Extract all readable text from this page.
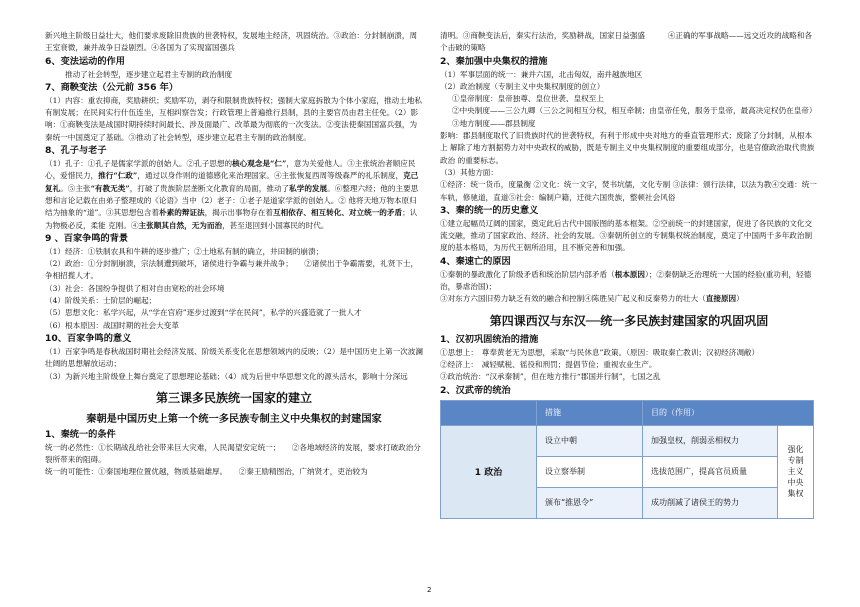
新兴地主阶级日益壮大，他们要求废除旧贵族的世袭特权，发展地主经济，巩固统治。③政治：分封制崩溃，周王室衰微，兼并战争日益剧烈。④各国为了实现富国强兵

6、变法运动的作用

推动了社会转型，逐步建立起君主专制的政治制度

7、商鞅变法（公元前 356 年）

（1）内容：重农抑商，奖励耕织；奖励军功，剥夺和限制贵族特权；强制大家庭拆散为个体小家庭，推动土地私 有制发展；在民间实行什伍连坐，互相纠察告发；行政管理上普遍推行县制，县的主要官员由君主任免。（2）影响：①商鞅变法是战国时期持续时间最长、涉及面最广、改革最为彻底的一次变法。②变法使秦国国富兵强，为秦统一中国奠定了基础。③推动了社会转型，逐步建立起君主专制的政治制度。

8、孔子与老子

（1）孔子：①孔子是儒家学派的创始人。②孔子思想的核心观念是“仁”，意为关爱他人。③主张统治者顺应民心，爱惜民力，推行“仁政”，通过以身作则的道德感化来治理国家。④主张恢复西周等级森严的礼乐制度，克己复礼。⑤主张“有教无类”，打破了贵族阶层垄断文化教育的局面，推动了私学的发展。⑥整理六经；他的主要思想和言论记载在由弟子整理成的《论语》当中（2）老子：①老子是道家学派的创始人。② 他将天地万物本原归结为抽象的“道”。③其思想包含着朴素的辩证法，揭示出事物存在着互相依存、相互转化、对立统一的矛盾；认为物极必反，柔能 克刚。④主张顺其自然，无为而治，甚至退回到小国寡民的时代。

9 、百家争鸣的背景

（1）经济：①铁制农具和牛耕的逐步推广；②土地私有制的确立，井田制的崩溃；

（2）政治：①分封制崩溃，宗法制遭到破坏，诸侯进行争霸与兼并战争；　　②诸侯出于争霸需要，礼贤下士，争相招揽人才。

（3）社会：各国纷争提供了相对自由宽松的社会环境

（4）阶级关系：士阶层的崛起；

（5）思想文化：私学兴起，从“学在官府”逐步过渡到“学在民间”，私学的兴盛造就了一批人才

（6）根本原因：战国时期的社会大变革

10、百家争鸣的意义

（1）百家争鸣是春秋战国时期社会经济发展、阶级关系变化在思想领域内的反映；（2）是中国历史上第一次波澜壮阔的思想解放运动；

（3）为新兴地主阶级登上舞台奠定了思想理论基础；（4）成为后世中华思想文化的源头活水，影响十分深远

第三课多民族统一国家的建立

秦朝是中国历史上第一个统一多民族专制主义中央集权的封建国家

1、秦统一的条件

统一的必然性：①长期战乱给社会带来巨大灾难，人民渴望安定统一；　　②各地域经济的发展，要求打破政治分裂所带来的阻碍。

统一的可能性：①秦国地理位置优越，物质基础雄厚。　　②秦王励精图治，广纳贤才，吏治较为

清明。③商鞅变法后，秦实行法治，奖励耕战，国家日益强盛　　　④正确的军事战略——远交近攻的战略和各个击破的策略

2、秦加强中央集权的措施

（1）军事层面的统一：兼并六国，北击匈奴，南并越族地区

（2）政治制度（专制主义中央集权制度的创立）

①皇帝制度：皇帝独尊、皇位世袭、皇权至上

②中央制度——三公九卿（三公之间相互分权，相互牵制；由皇帝任免，服务于皇帝，最高决定权仍在皇帝）③地方制度——郡县制度

影响：郡县制度取代了旧贵族时代的世袭特权，有利于形成中央对地方的垂直管理形式；废除了分封制，从根本上 解除了地方割据势力对中央政权的威胁，既是专制主义中央集权制度的重要组成部分，也是官僚政治取代贵族政治 的重要标志。

（3）其他方面：

①经济：统一货币，度量衡 ②文化：统一文字，焚书坑儒，文化专制 ③法律：颁行法律，以法为教④交通：统一车轨，修驰道，直道⑤社会：编制户籍，迁徙六国贵族，整顿社会风俗

3、秦的统一的历史意义

①建立起幅员辽阔的国家，奠定此后古代中国版图的基本框架。②空前统一的封建国家，促进了各民族的文化交流交融，推动了国家政治、经济、社会的发展。③秦朝所创立的专制集权统治制度，奠定了中国两千多年政治制度的基本格局，为历代王朝所沿用，且不断完善和加强。

4、秦速亡的原因

①秦朝的暴政激化了阶级矛盾和统治阶层内部矛盾（根本原因）；②秦朝缺乏治理统一大国的经验(重功利，轻德治，暴虐治国)；

③对东方六国旧势力缺乏有效的融合和控制④陈胜吴广起义和反秦势力的壮大（直接原因）

第四课西汉与东汉──统一多民族封建国家的巩固巩固

1、汉初巩固统治的措施

①思想上：　尊奉黄老无为思想，采取“与民休息”政策。（原因：吸取秦亡教训；汉初经济凋敝）

②经济上：　减轻赋税、徭役和刑罚；提倡节俭；重视农业生产。

③政治统治：“汉承秦制”，但在地方推行“郡国并行制”，七国之乱

2、汉武帝的统治

	措施	目的（作用）	
1 政治	设立中朝	加强皇权，削弱丞相权力	强化专制主义中央集权
	设立察举制	选拔范围广，提高官员质量	
	颁布“推恩令”	成功削减了诸侯王的势力	
2
